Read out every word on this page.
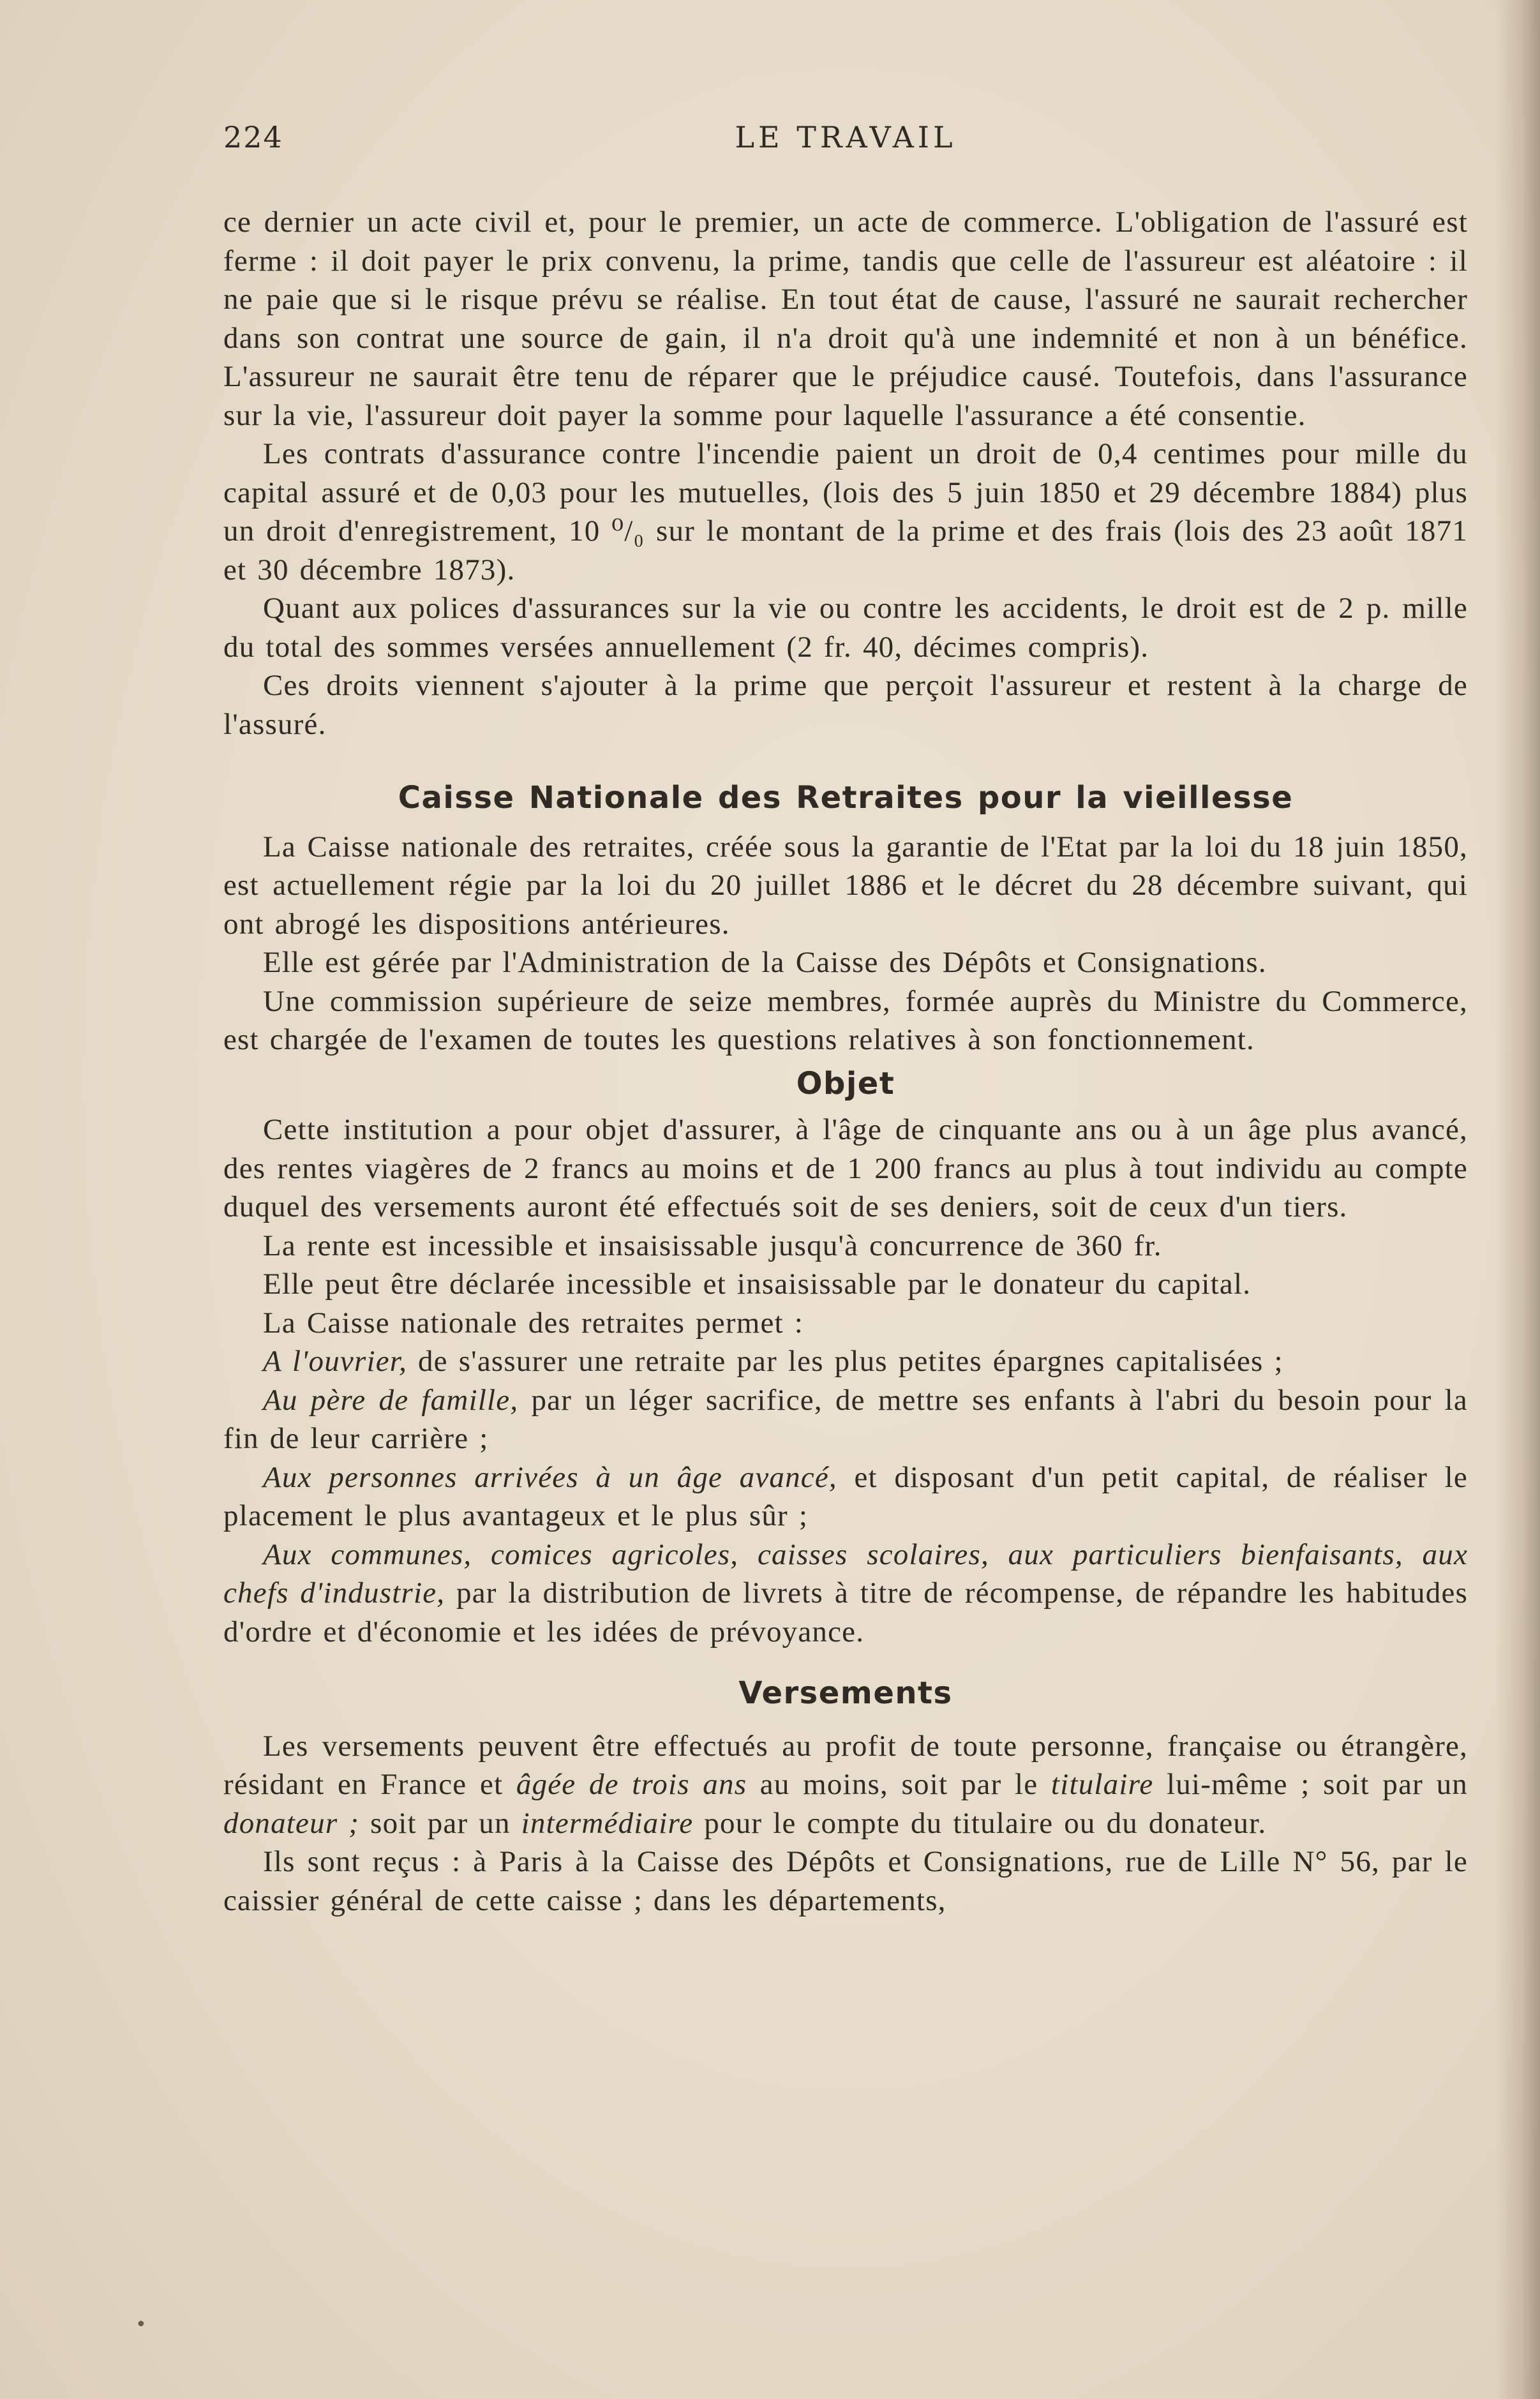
224	LE TRAVAIL

ce dernier un acte civil et, pour le premier, un acte de commerce. L'obligation de l'assuré est ferme : il doit payer le prix convenu, la prime, tandis que celle de l'assureur est aléatoire : il ne paie que si le risque prévu se réalise. En tout état de cause, l'assuré ne saurait rechercher dans son contrat une source de gain, il n'a droit qu'à une indemnité et non à un bénéfice. L'assureur ne saurait être tenu de réparer que le préjudice causé. Toutefois, dans l'assurance sur la vie, l'assureur doit payer la somme pour laquelle l'assurance a été consentie.

Les contrats d'assurance contre l'incendie paient un droit de 0,4 centimes pour mille du capital assuré et de 0,03 pour les mutuelles, (lois des 5 juin 1850 et 29 décembre 1884) plus un droit d'enregistrement, 10 ⁰/₀ sur le montant de la prime et des frais (lois des 23 août 1871 et 30 décembre 1873).

Quant aux polices d'assurances sur la vie ou contre les accidents, le droit est de 2 p. mille du total des sommes versées annuellement (2 fr. 40, décimes compris).

Ces droits viennent s'ajouter à la prime que perçoit l'assureur et restent à la charge de l'assuré.

Caisse Nationale des Retraites pour la vieillesse

La Caisse nationale des retraites, créée sous la garantie de l'Etat par la loi du 18 juin 1850, est actuellement régie par la loi du 20 juillet 1886 et le décret du 28 décembre suivant, qui ont abrogé les dispositions antérieures.

Elle est gérée par l'Administration de la Caisse des Dépôts et Consignations.

Une commission supérieure de seize membres, formée auprès du Ministre du Commerce, est chargée de l'examen de toutes les questions relatives à son fonctionnement.

Objet

Cette institution a pour objet d'assurer, à l'âge de cinquante ans ou à un âge plus avancé, des rentes viagères de 2 francs au moins et de 1 200 francs au plus à tout individu au compte duquel des versements auront été effectués soit de ses deniers, soit de ceux d'un tiers.

La rente est incessible et insaisissable jusqu'à concurrence de 360 fr.

Elle peut être déclarée incessible et insaisissable par le donateur du capital.

La Caisse nationale des retraites permet :

A l'ouvrier, de s'assurer une retraite par les plus petites épargnes capitalisées ;

Au père de famille, par un léger sacrifice, de mettre ses enfants à l'abri du besoin pour la fin de leur carrière ;

Aux personnes arrivées à un âge avancé, et disposant d'un petit capital, de réaliser le placement le plus avantageux et le plus sûr ;

Aux communes, comices agricoles, caisses scolaires, aux particuliers bienfaisants, aux chefs d'industrie, par la distribution de livrets à titre de récompense, de répandre les habitudes d'ordre et d'économie et les idées de prévoyance.

Versements

Les versements peuvent être effectués au profit de toute personne, française ou étrangère, résidant en France et âgée de trois ans au moins, soit par le titulaire lui-même ; soit par un donateur ; soit par un intermédiaire pour le compte du titulaire ou du donateur.

Ils sont reçus : à Paris à la Caisse des Dépôts et Consignations, rue de Lille N° 56, par le caissier général de cette caisse ; dans les départements,

•
